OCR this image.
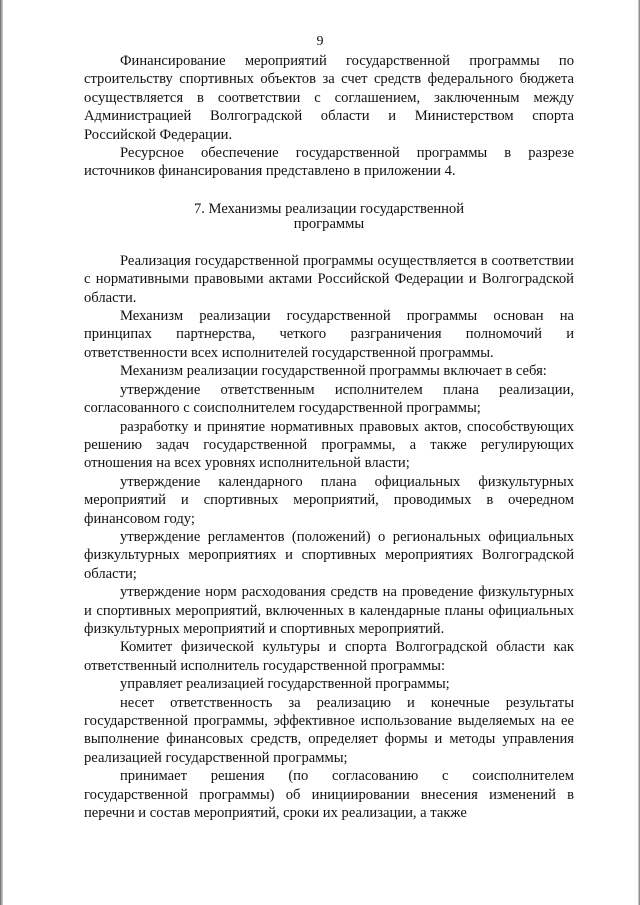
9

Финансирование мероприятий государственной программы по строительству спортивных объектов за счет средств федерального бюджета осуществляется в соответствии с соглашением, заключенным между Администрацией Волгоградской области и Министерством спорта Российской Федерации.

Ресурсное обеспечение государственной программы в разрезе источников финансирования представлено в приложении 4.

7. Механизмы реализации государственной
программы

Реализация государственной программы осуществляется в соответствии с нормативными правовыми актами Российской Федерации и Волгоградской области.

Механизм реализации государственной программы основан на принципах партнерства, четкого разграничения полномочий и ответственности всех исполнителей государственной программы.

Механизм реализации государственной программы включает в себя:

утверждение ответственным исполнителем плана реализации, согласованного с соисполнителем государственной программы;

разработку и принятие нормативных правовых актов, способствующих решению задач государственной программы, а также регулирующих отношения на всех уровнях исполнительной власти;

утверждение календарного плана официальных физкультурных мероприятий и спортивных мероприятий, проводимых в очередном финансовом году;

утверждение регламентов (положений) о региональных официальных физкультурных мероприятиях и спортивных мероприятиях Волгоградской области;

утверждение норм расходования средств на проведение физкультурных и спортивных мероприятий, включенных в календарные планы официальных физкультурных мероприятий и спортивных мероприятий.

Комитет физической культуры и спорта Волгоградской области как ответственный исполнитель государственной программы:

управляет реализацией государственной программы;

несет ответственность за реализацию и конечные результаты государственной программы, эффективное использование выделяемых на ее выполнение финансовых средств, определяет формы и методы управления реализацией государственной программы;

принимает решения (по согласованию с соисполнителем государственной программы) об инициировании внесения изменений в перечни и состав мероприятий, сроки их реализации, а также
